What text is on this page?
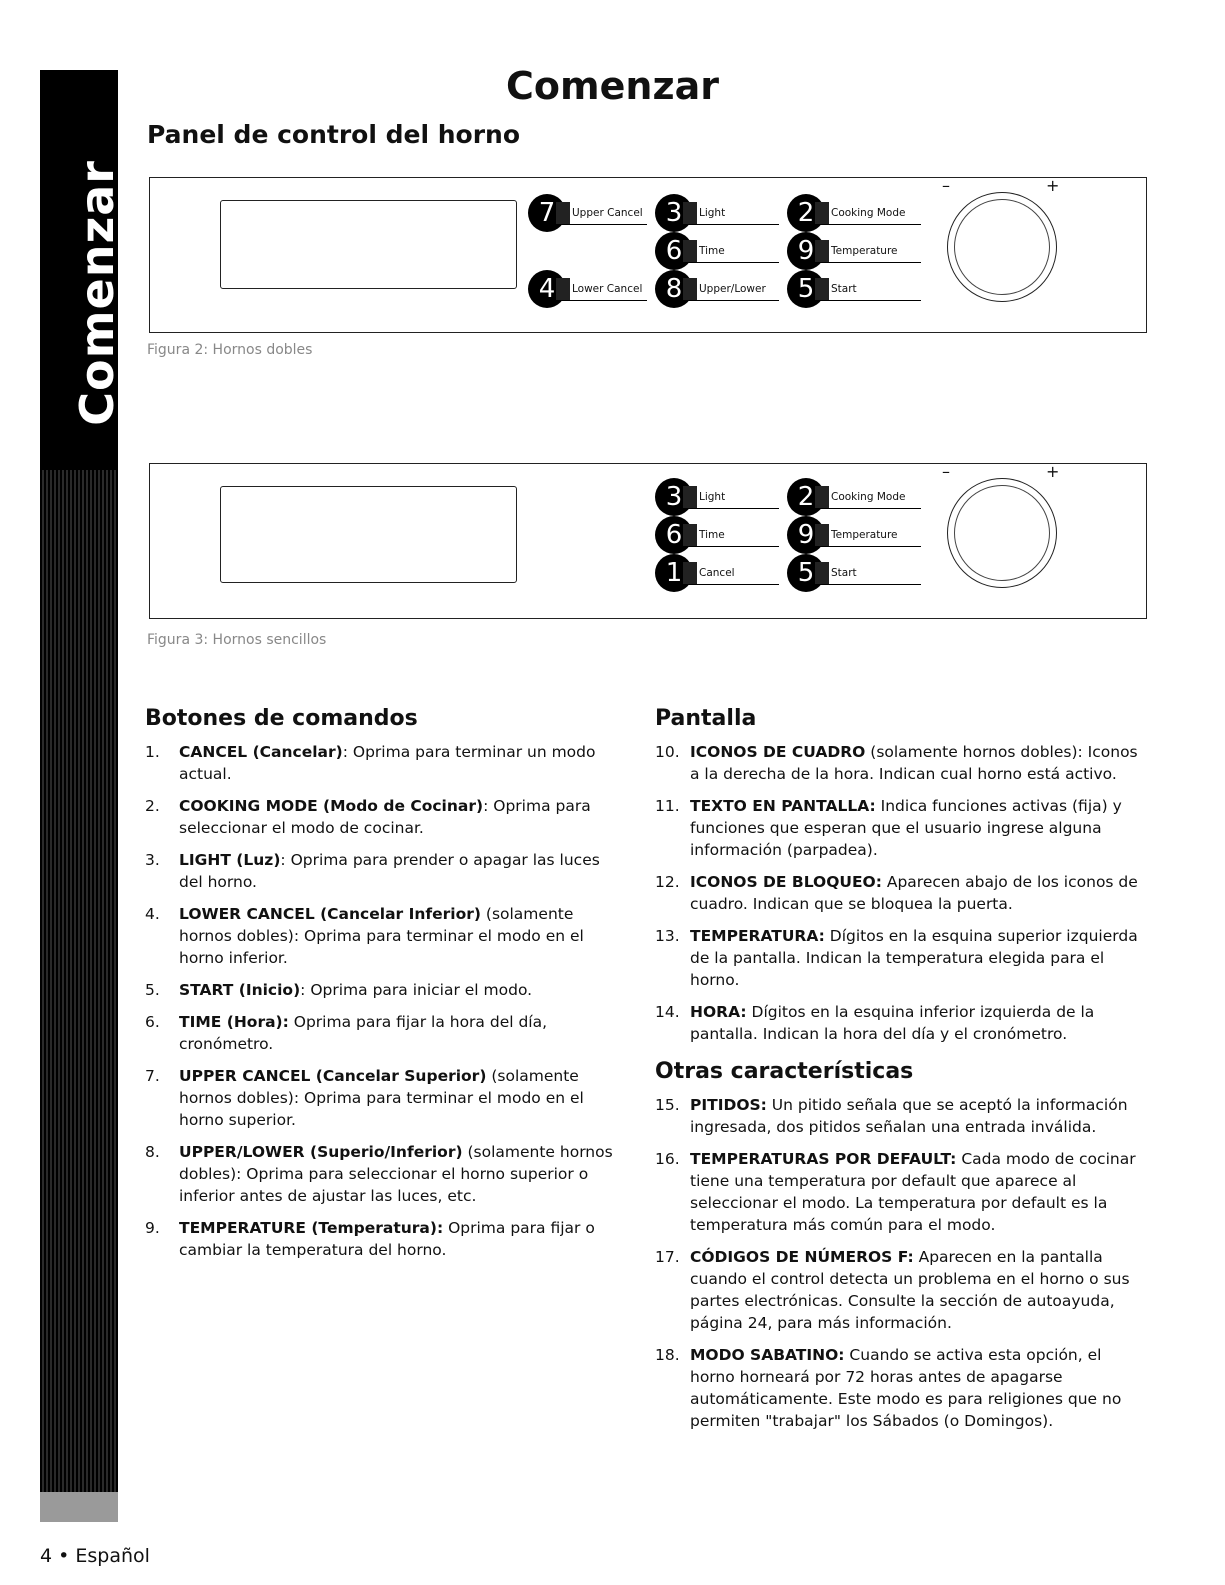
Comenzar
Comenzar
Panel de control del horno
7	Upper Cancel 3	Light	2	Cooking Mode
6	Time	9	Temperature
4	Lower Cancel 8	Upper/Lower	5	Start
–	+
Figura 2: Hornos dobles
3	Light	2	Cooking Mode
6	Time	9	Temperature
1	Cancel	5	Start
–	+
Figura 3: Hornos sencillos
Botones de comandos
1. CANCEL (Cancelar): Oprima para terminar un modo actual.
2. COOKING MODE (Modo de Cocinar): Oprima para seleccionar el modo de cocinar.
3. LIGHT (Luz): Oprima para prender o apagar las luces del horno.
4. LOWER CANCEL (Cancelar Inferior) (solamente hornos dobles): Oprima para terminar el modo en el horno inferior.
5. START (Inicio): Oprima para iniciar el modo.
6. TIME (Hora): Oprima para fijar la hora del día, cronómetro.
7. UPPER CANCEL (Cancelar Superior) (solamente hornos dobles): Oprima para terminar el modo en el horno superior.
8. UPPER/LOWER (Superio/Inferior) (solamente hornos dobles): Oprima para seleccionar el horno superior o inferior antes de ajustar las luces, etc.
9. TEMPERATURE (Temperatura): Oprima para fijar o cambiar la temperatura del horno.
Pantalla
10. ICONOS DE CUADRO (solamente hornos dobles): Iconos a la derecha de la hora. Indican cual horno está activo.
11. TEXTO EN PANTALLA: Indica funciones activas (fija) y funciones que esperan que el usuario ingrese alguna información (parpadea).
12. ICONOS DE BLOQUEO: Aparecen abajo de los iconos de cuadro. Indican que se bloquea la puerta.
13. TEMPERATURA: Dígitos en la esquina superior izquierda de la pantalla. Indican la temperatura elegida para el horno.
14. HORA: Dígitos en la esquina inferior izquierda de la pantalla. Indican la hora del día y el cronómetro.
Otras características
15. PITIDOS: Un pitido señala que se aceptó la información ingresada, dos pitidos señalan una entrada inválida.
16. TEMPERATURAS POR DEFAULT: Cada modo de cocinar tiene una temperatura por default que aparece al seleccionar el modo. La temperatura por default es la temperatura más común para el modo.
17. CÓDIGOS DE NÚMEROS F: Aparecen en la pantalla cuando el control detecta un problema en el horno o sus partes electrónicas. Consulte la sección de autoayuda, página 24, para más información.
18. MODO SABATINO: Cuando se activa esta opción, el horno horneará por 72 horas antes de apagarse automáticamente. Este modo es para religiones que no permiten "trabajar" los Sábados (o Domingos).
4 • Español
